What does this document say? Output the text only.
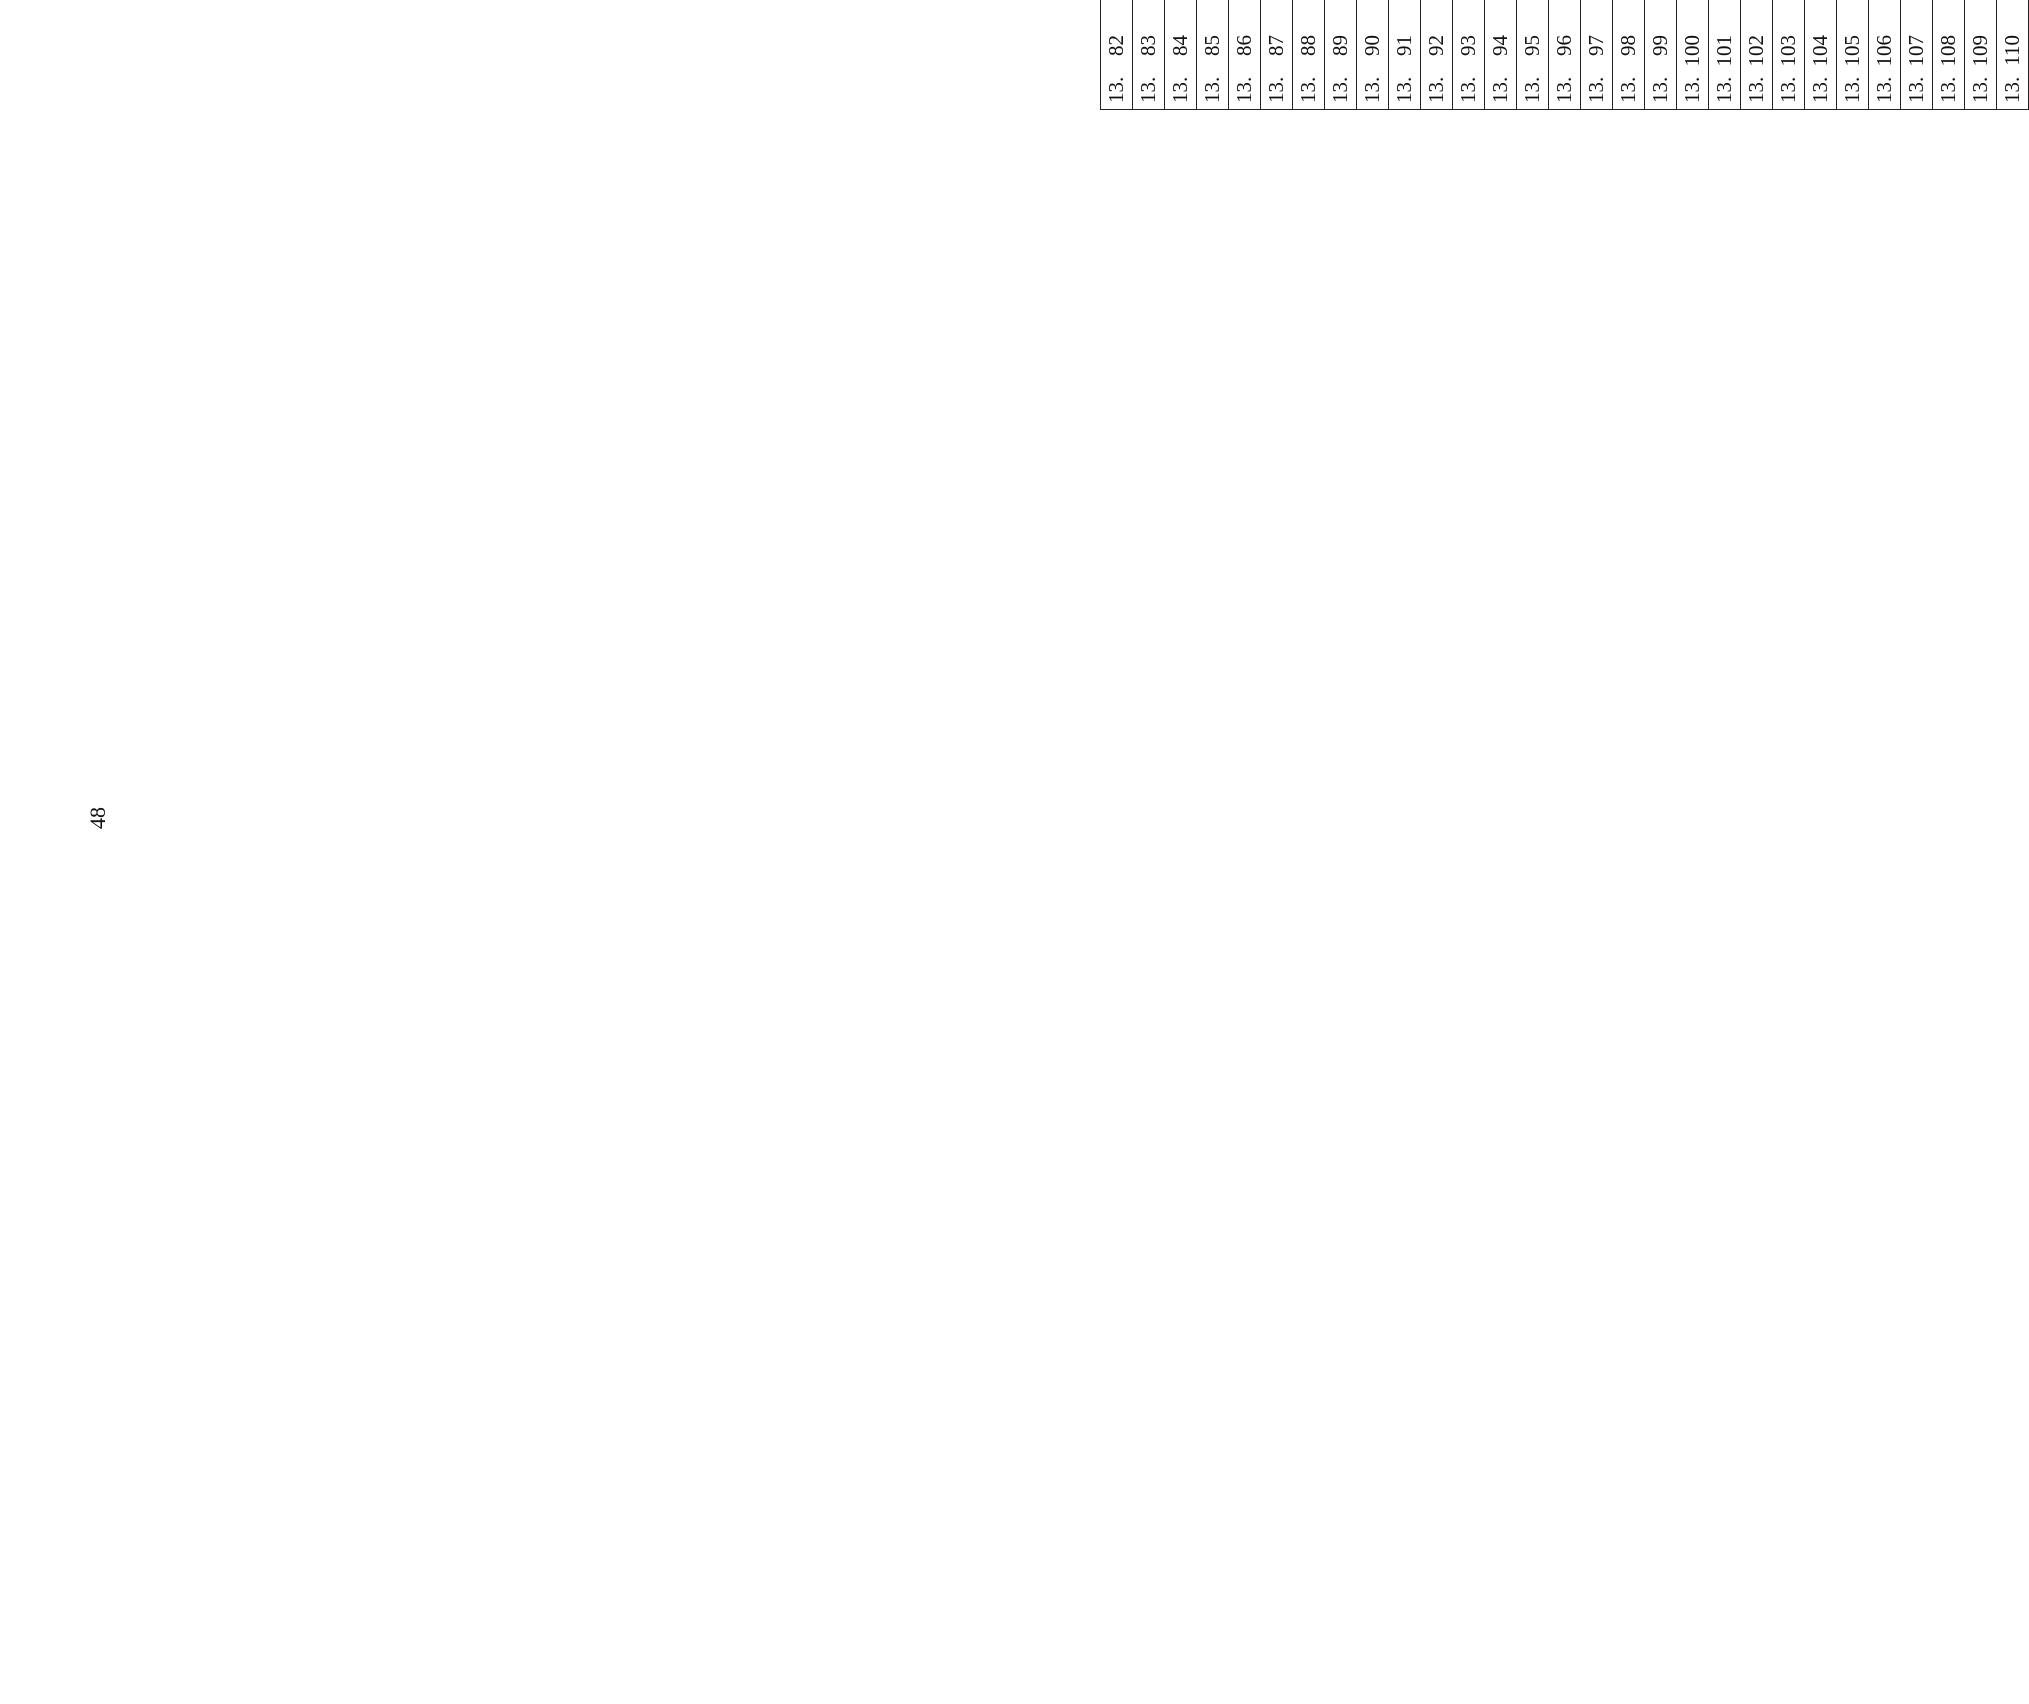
48
13.82					
13.83					
13.84					
13.85					
13.86					
13.87					
13.88					
13.89					
13.90					
13.91					
13.92					
13.93					
13.94					
13.95					
13.96					
13.97					
13.98					
13.99					
13.100					
13.101					
13.102					
13.103					
13.104					
13.105					
13.106					
13.107					
13.108					
13.109					
13.110					
